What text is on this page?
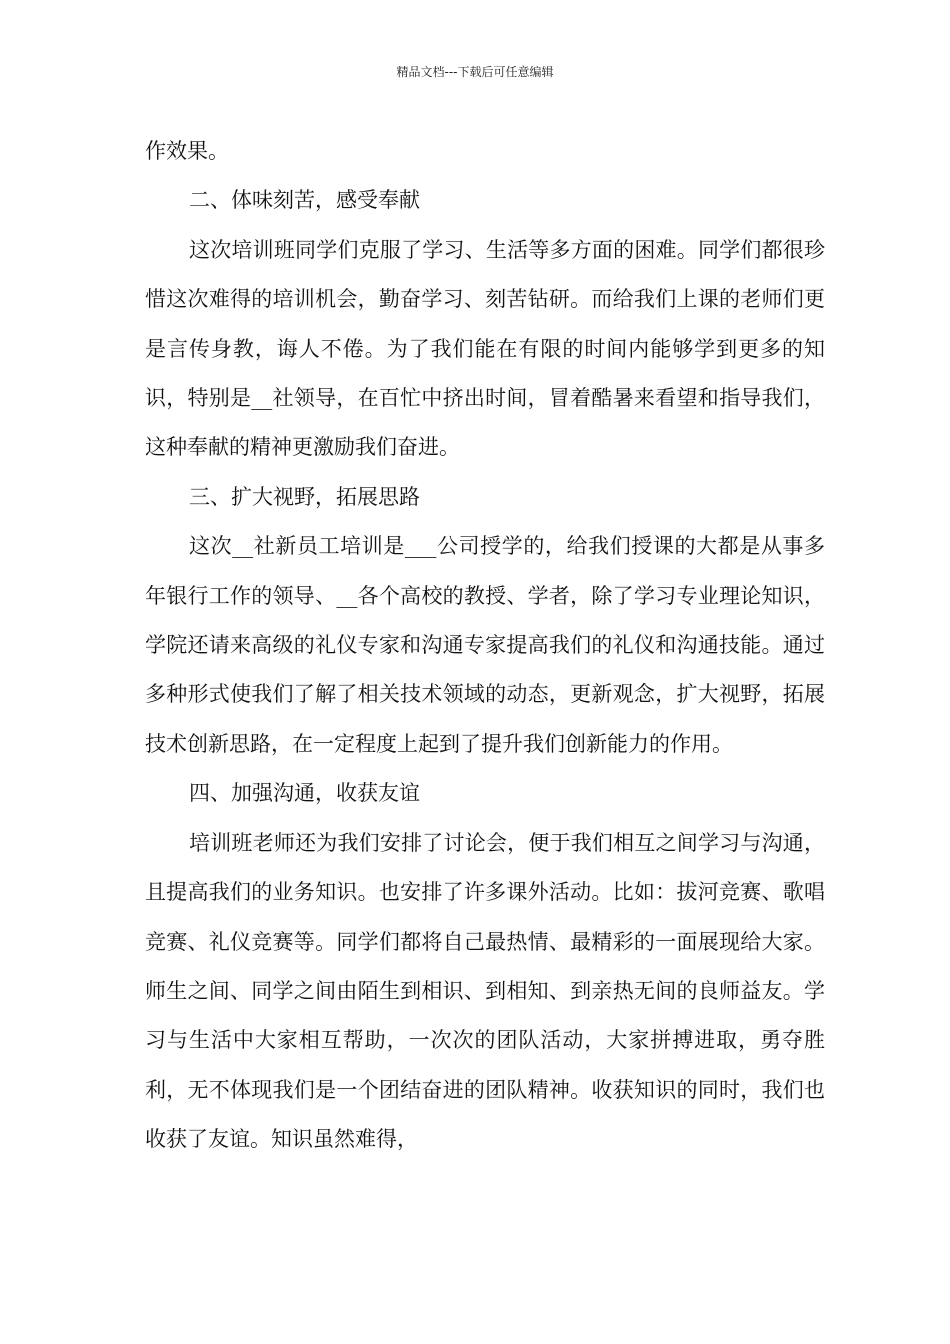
精品文档---下载后可任意编辑

作效果。

二、体味刻苦，感受奉献

这次培训班同学们克服了学习、生活等多方面的困难。同学们都很珍惜这次难得的培训机会，勤奋学习、刻苦钻研。而给我们上课的老师们更是言传身教，诲人不倦。为了我们能在有限的时间内能够学到更多的知识，特别是__社领导，在百忙中挤出时间，冒着酷暑来看望和指导我们，这种奉献的精神更激励我们奋进。

三、扩大视野，拓展思路

这次__社新员工培训是___公司授学的，给我们授课的大都是从事多年银行工作的领导、__各个高校的教授、学者，除了学习专业理论知识，学院还请来高级的礼仪专家和沟通专家提高我们的礼仪和沟通技能。通过多种形式使我们了解了相关技术领域的动态，更新观念，扩大视野，拓展技术创新思路，在一定程度上起到了提升我们创新能力的作用。

四、加强沟通，收获友谊

培训班老师还为我们安排了讨论会，便于我们相互之间学习与沟通，且提高我们的业务知识。也安排了许多课外活动。比如：拔河竞赛、歌唱竞赛、礼仪竞赛等。同学们都将自己最热情、最精彩的一面展现给大家。师生之间、同学之间由陌生到相识、到相知、到亲热无间的良师益友。学习与生活中大家相互帮助，一次次的团队活动，大家拼搏进取，勇夺胜利，无不体现我们是一个团结奋进的团队精神。收获知识的同时，我们也收获了友谊。知识虽然难得，
